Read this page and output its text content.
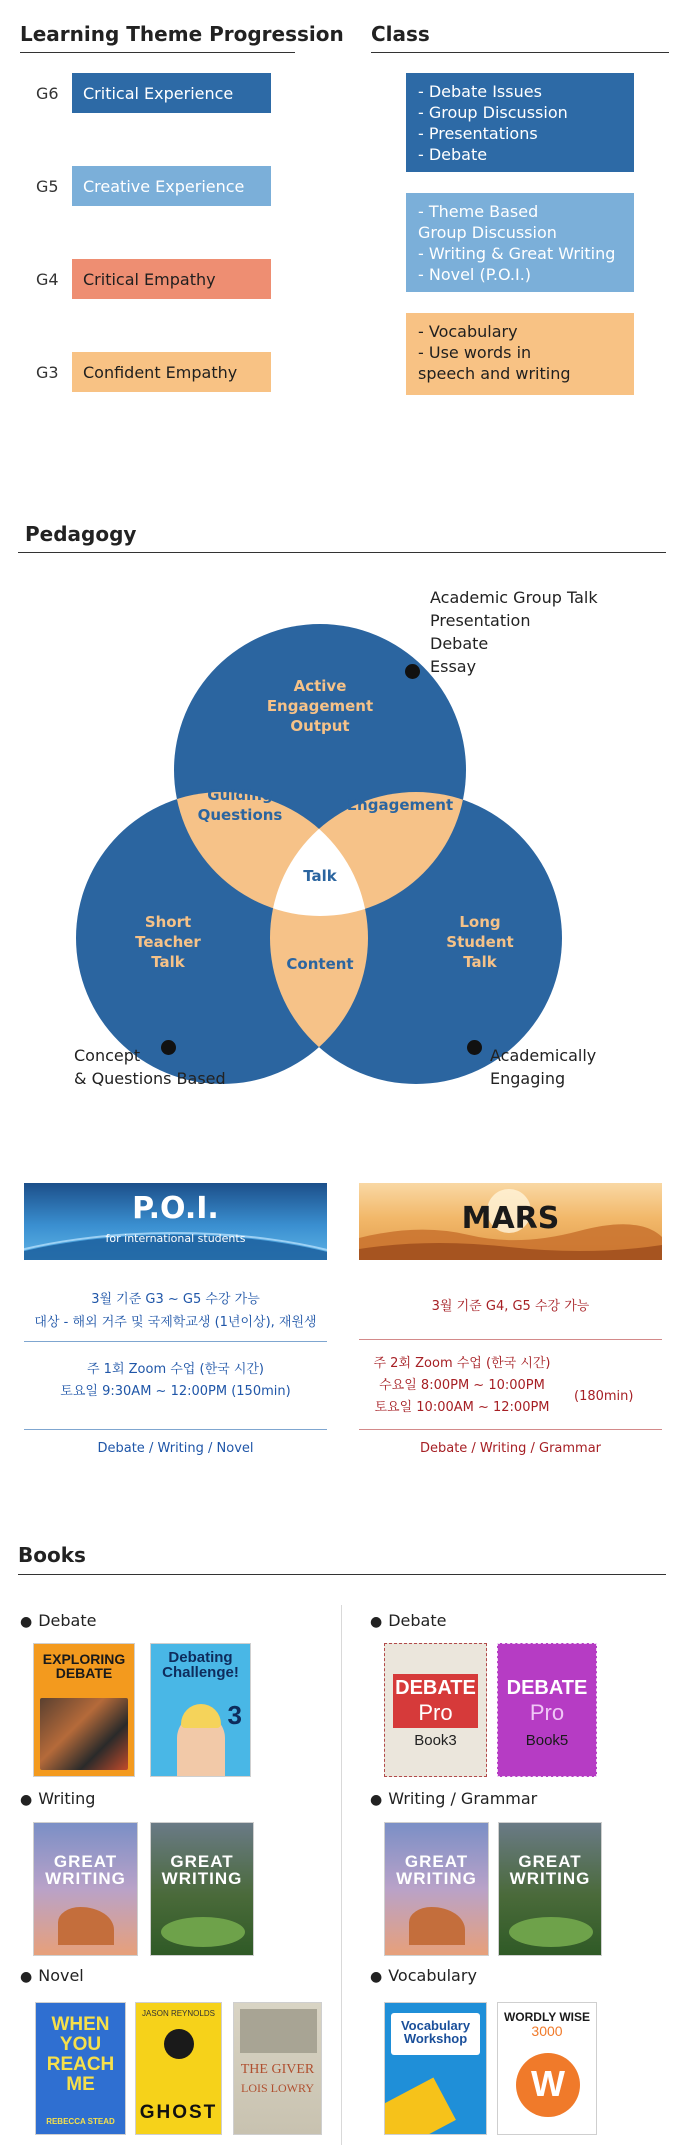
Learning Theme Progression Class
G6 Critical Experience
G5 Creative Experience
G4 Critical Empathy
G3 Confident Empathy
- Debate Issues
- Group Discussion
- Presentations
- Debate
- Theme Based
Group Discussion
- Writing & Great Writing
- Novel (P.O.I.)
- Vocabulary
- Use words in
speech and writing
Pedagogy
Active
Engagement
Output
Short
Teacher
Talk
Long
Student
Talk
Guiding
Questions
Engagement
Content
Talk
Academic Group Talk
Presentation
Debate
Essay
Concept
& Questions Based
Academically
Engaging
P.O.I.
for international students
MARS
3월 기준 G3 ~ G5 수강 가능
대상 - 해외 거주 및 국제학교생 (1년이상), 재원생
주 1회 Zoom 수업 (한국 시간)
토요일 9:30AM ~ 12:00PM (150min)
Debate / Writing / Novel
3월 기준 G4, G5 수강 가능
주 2회 Zoom 수업 (한국 시간)
수요일 8:00PM ~ 10:00PM
토요일 10:00AM ~ 12:00PM
(180min)
Debate / Writing / Grammar
Books
● Debate
● Writing
● Novel
● Debate
● Writing / Grammar
● Vocabulary
EXPLORING DEBATE
Debating Challenge!
3
GREAT WRITING
GREAT WRITING
WHEN YOU REACH ME
REBECCA STEAD
JASON REYNOLDS
GHOST
THE GIVER
LOIS LOWRY
DEBATE
Pro
Book3
DEBATE
Pro
Book5
GREAT WRITING
GREAT WRITING
Vocabulary Workshop
WORDLY WISE
3000
W
